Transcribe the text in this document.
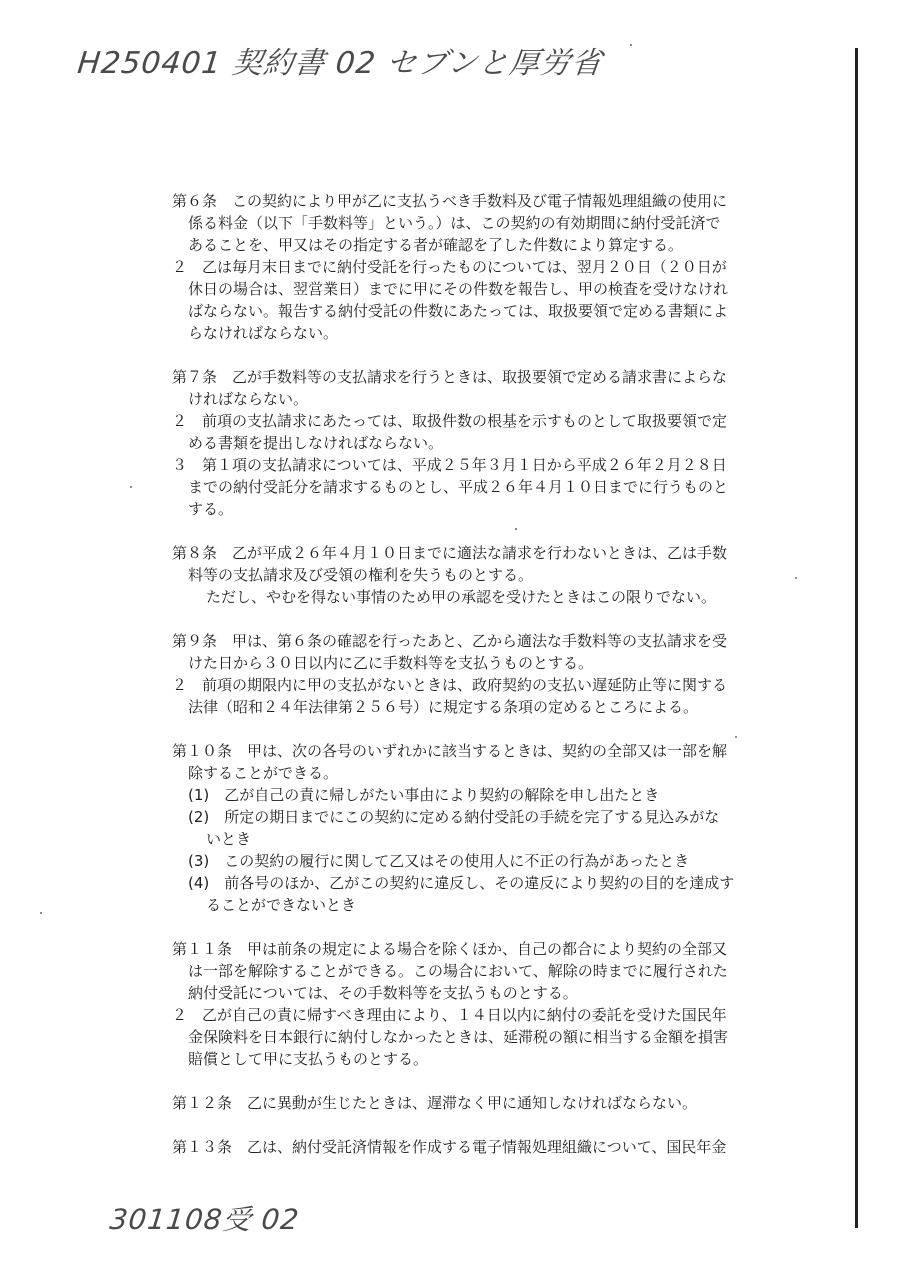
H250401 契約書 02 セブンと厚労省

第６条　この契約により甲が乙に支払うべき手数料及び電子情報処理組織の使用に
係る料金（以下「手数料等」という。）は、この契約の有効期間に納付受託済で
あることを、甲又はその指定する者が確認を了した件数により算定する。

２　乙は毎月末日までに納付受託を行ったものについては、翌月２０日（２０日が
休日の場合は、翌営業日）までに甲にその件数を報告し、甲の検査を受けなけれ
ばならない。報告する納付受託の件数にあたっては、取扱要領で定める書類によ
らなければならない。

第７条　乙が手数料等の支払請求を行うときは、取扱要領で定める請求書によらな
ければならない。

２　前項の支払請求にあたっては、取扱件数の根基を示すものとして取扱要領で定
める書類を提出しなければならない。

３　第１項の支払請求については、平成２５年３月１日から平成２６年２月２８日
までの納付受託分を請求するものとし、平成２６年４月１０日までに行うものと
する。

第８条　乙が平成２６年４月１０日までに適法な請求を行わないときは、乙は手数
料等の支払請求及び受領の権利を失うものとする。
ただし、やむを得ない事情のため甲の承認を受けたときはこの限りでない。

第９条　甲は、第６条の確認を行ったあと、乙から適法な手数料等の支払請求を受
けた日から３０日以内に乙に手数料等を支払うものとする。

２　前項の期限内に甲の支払がないときは、政府契約の支払い遅延防止等に関する
法律（昭和２４年法律第２５６号）に規定する条項の定めるところによる。

第１０条　甲は、次の各号のいずれかに該当するときは、契約の全部又は一部を解
除することができる。

(1)　乙が自己の責に帰しがたい事由により契約の解除を申し出たとき

(2)　所定の期日までにこの契約に定める納付受託の手続を完了する見込みがな
いとき

(3)　この契約の履行に関して乙又はその使用人に不正の行為があったとき

(4)　前各号のほか、乙がこの契約に違反し、その違反により契約の目的を達成す
ることができないとき

第１１条　甲は前条の規定による場合を除くほか、自己の都合により契約の全部又
は一部を解除することができる。この場合において、解除の時までに履行された
納付受託については、その手数料等を支払うものとする。

２　乙が自己の責に帰すべき理由により、１４日以内に納付の委託を受けた国民年
金保険料を日本銀行に納付しなかったときは、延滞税の額に相当する金額を損害
賠償として甲に支払うものとする。

第１２条　乙に異動が生じたときは、遅滞なく甲に通知しなければならない。

第１３条　乙は、納付受託済情報を作成する電子情報処理組織について、国民年金

301108受 02
